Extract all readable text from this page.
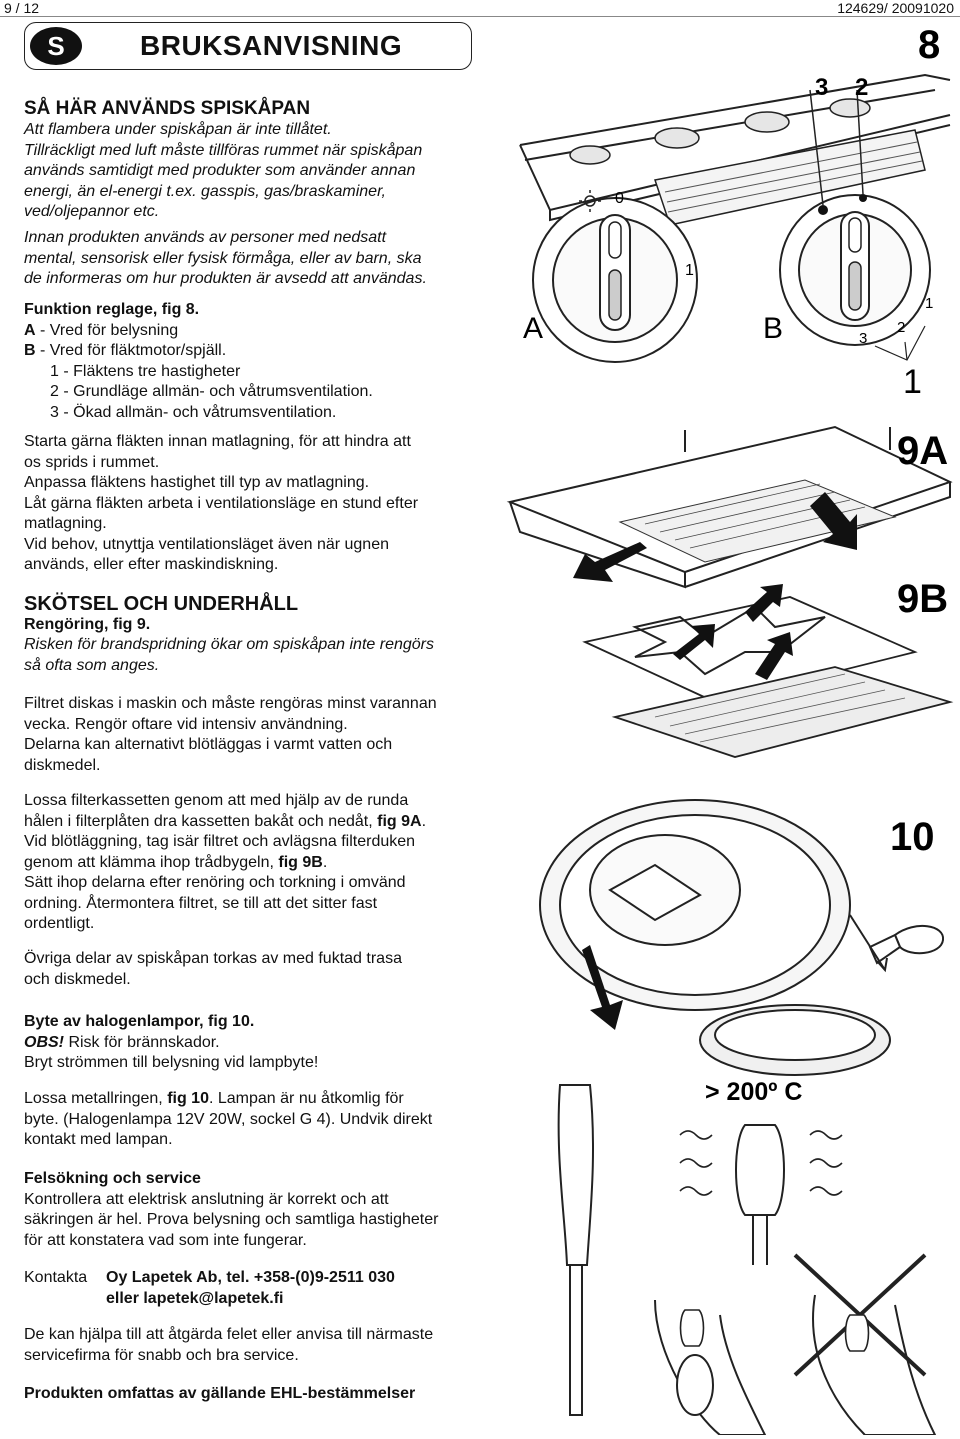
9 / 12	124629/ 20091020
S	BRUKSANVISNING
SÅ HÄR ANVÄNDS SPISKÅPAN
Att flambera under spiskåpan är inte tillåtet.
Tillräckligt med luft måste tillföras rummet när spiskåpan
används samtidigt med produkter som använder annan
energi, än el-energi t.ex. gasspis, gas/braskaminer,
ved/oljepannor etc.
Innan produkten används av personer med nedsatt
mental, sensorisk eller fysisk förmåga, eller av barn, ska
de informeras om hur produkten är avsedd att användas.
Funktion reglage, fig 8.
A - Vred för belysning
B - Vred för fläktmotor/spjäll.
1 - Fläktens tre hastigheter
2 - Grundläge allmän- och våtrumsventilation.
3 - Ökad allmän- och våtrumsventilation.
Starta gärna fläkten innan matlagning, för att hindra att
os sprids i rummet.
Anpassa fläktens hastighet till typ av matlagning.
Låt gärna fläkten arbeta i ventilationsläge en stund efter
matlagning.
Vid behov, utnyttja ventilationsläget även när ugnen
används, eller efter maskindiskning.
SKÖTSEL OCH UNDERHÅLL
Rengöring, fig 9.
Risken för brandspridning ökar om spiskåpan inte rengörs
så ofta som anges.
Filtret diskas i maskin och måste rengöras minst varannan
vecka. Rengör oftare vid intensiv användning.
Delarna kan alternativt blötläggas i varmt vatten och
diskmedel.
Lossa filterkassetten genom att med hjälp av de runda
hålen i filterplåten dra kassetten bakåt och nedåt, fig 9A.
Vid blötläggning, tag isär filtret och avlägsna filterduken
genom att klämma ihop trådbygeln, fig 9B.
Sätt ihop delarna efter renöring och torkning i omvänd
ordning. Återmontera filtret, se till att det sitter fast
ordentligt.
Övriga delar av spiskåpan torkas av med fuktad trasa
och diskmedel.
Byte av halogenlampor, fig 10.
OBS! Risk för brännskador.
Bryt strömmen till belysning vid lampbyte!
Lossa metallringen, fig 10. Lampan är nu åtkomlig för
byte. (Halogenlampa 12V 20W, sockel G 4). Undvik direkt
kontakt med lampan.
Felsökning och service
Kontrollera att elektrisk anslutning är korrekt och att
säkringen är hel. Prova belysning och samtliga hastigheter
för att konstatera vad som inte fungerar.
Kontakta Oy Lapetek Ab, tel. +358-(0)9-2511 030
eller lapetek@lapetek.fi
De kan hjälpa till att åtgärda felet eller anvisa till närmaste
servicefirma för snabb och bra service.
Produkten omfattas av gällande EHL-bestämmelser
0
1
A
3 2
8
B
1
2
3
1
9A
9B
10
> 200º C
